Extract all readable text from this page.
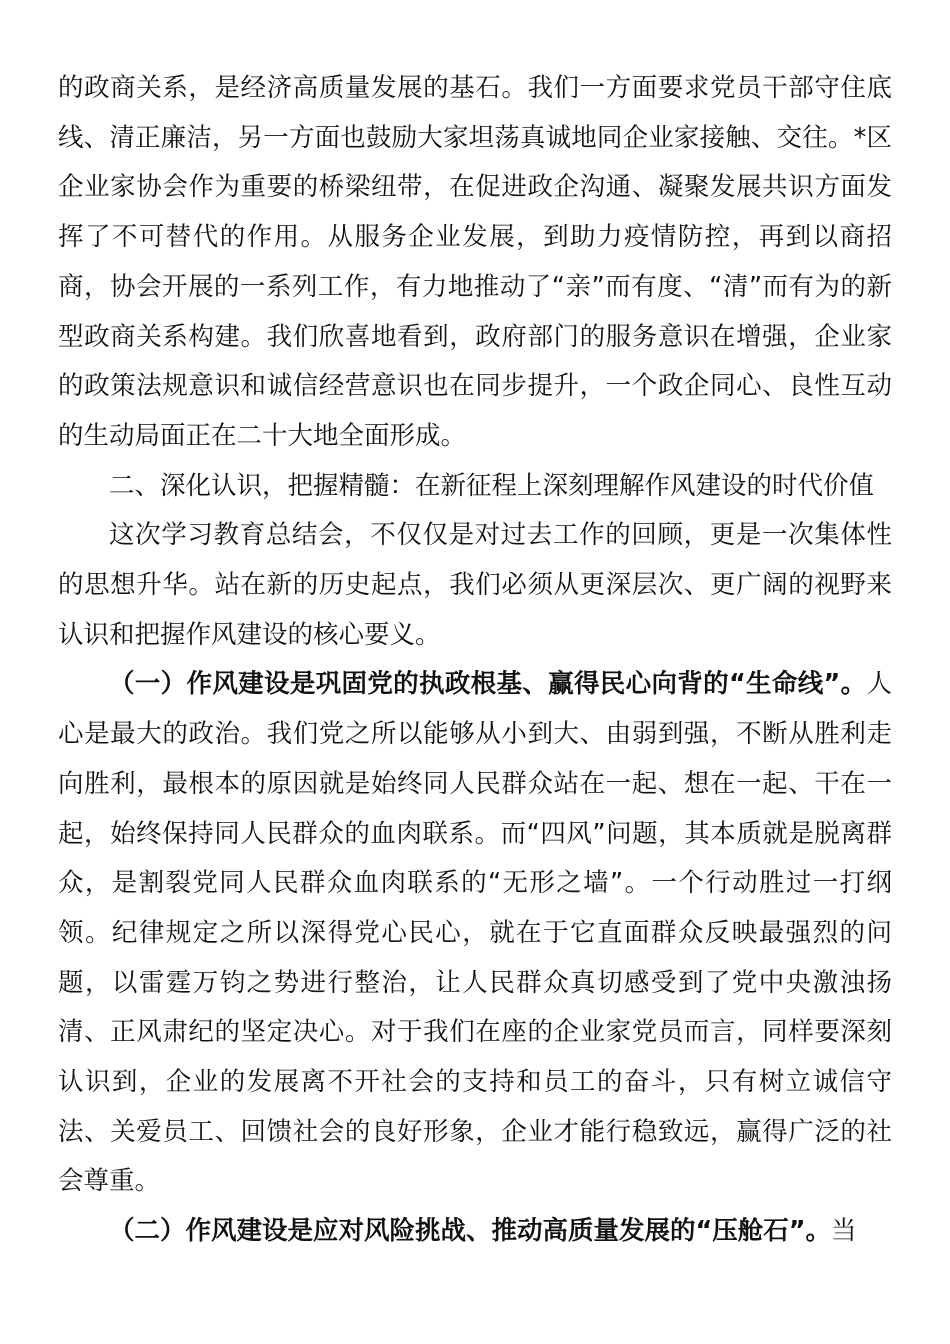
的政商关系，是经济高质量发展的基石。我们一方面要求党员干部守住底线、清正廉洁，另一方面也鼓励大家坦荡真诚地同企业家接触、交往。*区企业家协会作为重要的桥梁纽带，在促进政企沟通、凝聚发展共识方面发挥了不可替代的作用。从服务企业发展，到助力疫情防控，再到以商招商，协会开展的一系列工作，有力地推动了“亲”而有度、“清”而有为的新型政商关系构建。我们欣喜地看到，政府部门的服务意识在增强，企业家的政策法规意识和诚信经营意识也在同步提升，一个政企同心、良性互动的生动局面正在二十大地全面形成。

二、深化认识，把握精髓：在新征程上深刻理解作风建设的时代价值

这次学习教育总结会，不仅仅是对过去工作的回顾，更是一次集体性的思想升华。站在新的历史起点，我们必须从更深层次、更广阔的视野来认识和把握作风建设的核心要义。

（一）作风建设是巩固党的执政根基、赢得民心向背的“生命线”。人心是最大的政治。我们党之所以能够从小到大、由弱到强，不断从胜利走向胜利，最根本的原因就是始终同人民群众站在一起、想在一起、干在一起，始终保持同人民群众的血肉联系。而“四风”问题，其本质就是脱离群众，是割裂党同人民群众血肉联系的“无形之墙”。一个行动胜过一打纲领。纪律规定之所以深得党心民心，就在于它直面群众反映最强烈的问题，以雷霆万钧之势进行整治，让人民群众真切感受到了党中央激浊扬清、正风肃纪的坚定决心。对于我们在座的企业家党员而言，同样要深刻认识到，企业的发展离不开社会的支持和员工的奋斗，只有树立诚信守法、关爱员工、回馈社会的良好形象，企业才能行稳致远，赢得广泛的社会尊重。

（二）作风建设是应对风险挑战、推动高质量发展的“压舱石”。当
